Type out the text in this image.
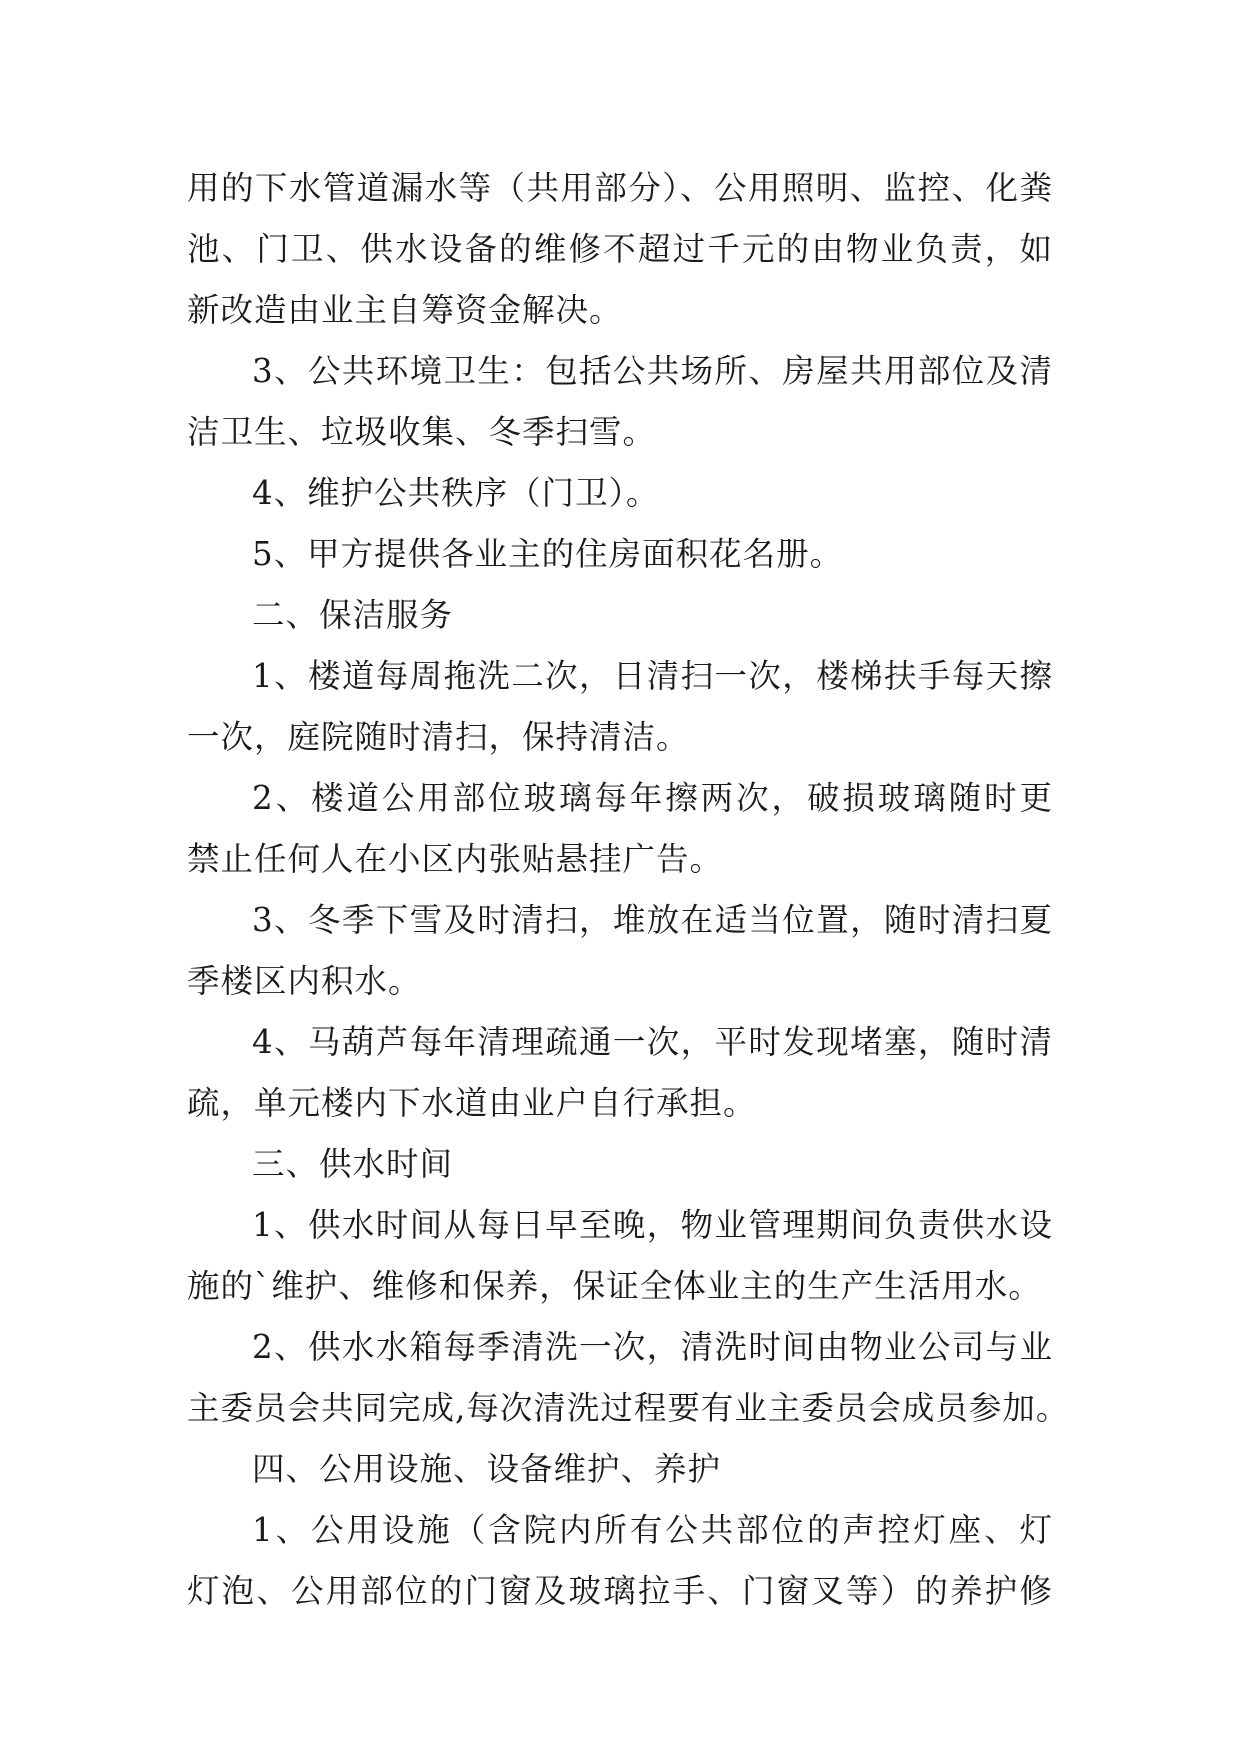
用的下水管道漏水等（共用部分）、公用照明、监控、化粪
池、门卫、供水设备的维修不超过千元的由物业负责，如
新改造由业主自筹资金解决。
3、公共环境卫生：包括公共场所、房屋共用部位及清
洁卫生、垃圾收集、冬季扫雪。
4、维护公共秩序（门卫）。
5、甲方提供各业主的住房面积花名册。
二、保洁服务
1、楼道每周拖洗二次，日清扫一次，楼梯扶手每天擦
一次，庭院随时清扫，保持清洁。
2、楼道公用部位玻璃每年擦两次，破损玻璃随时更
禁止任何人在小区内张贴悬挂广告。
3、冬季下雪及时清扫，堆放在适当位置，随时清扫夏
季楼区内积水。
4、马葫芦每年清理疏通一次，平时发现堵塞，随时清
疏，单元楼内下水道由业户自行承担。
三、供水时间
1、供水时间从每日早至晚，物业管理期间负责供水设
施的`维护、维修和保养，保证全体业主的生产生活用水。
2、供水水箱每季清洗一次，清洗时间由物业公司与业
主委员会共同完成,每次清洗过程要有业主委员会成员参加。
四、公用设施、设备维护、养护
1、公用设施（含院内所有公共部位的声控灯座、灯
灯泡、公用部位的门窗及玻璃拉手、门窗叉等）的养护修
